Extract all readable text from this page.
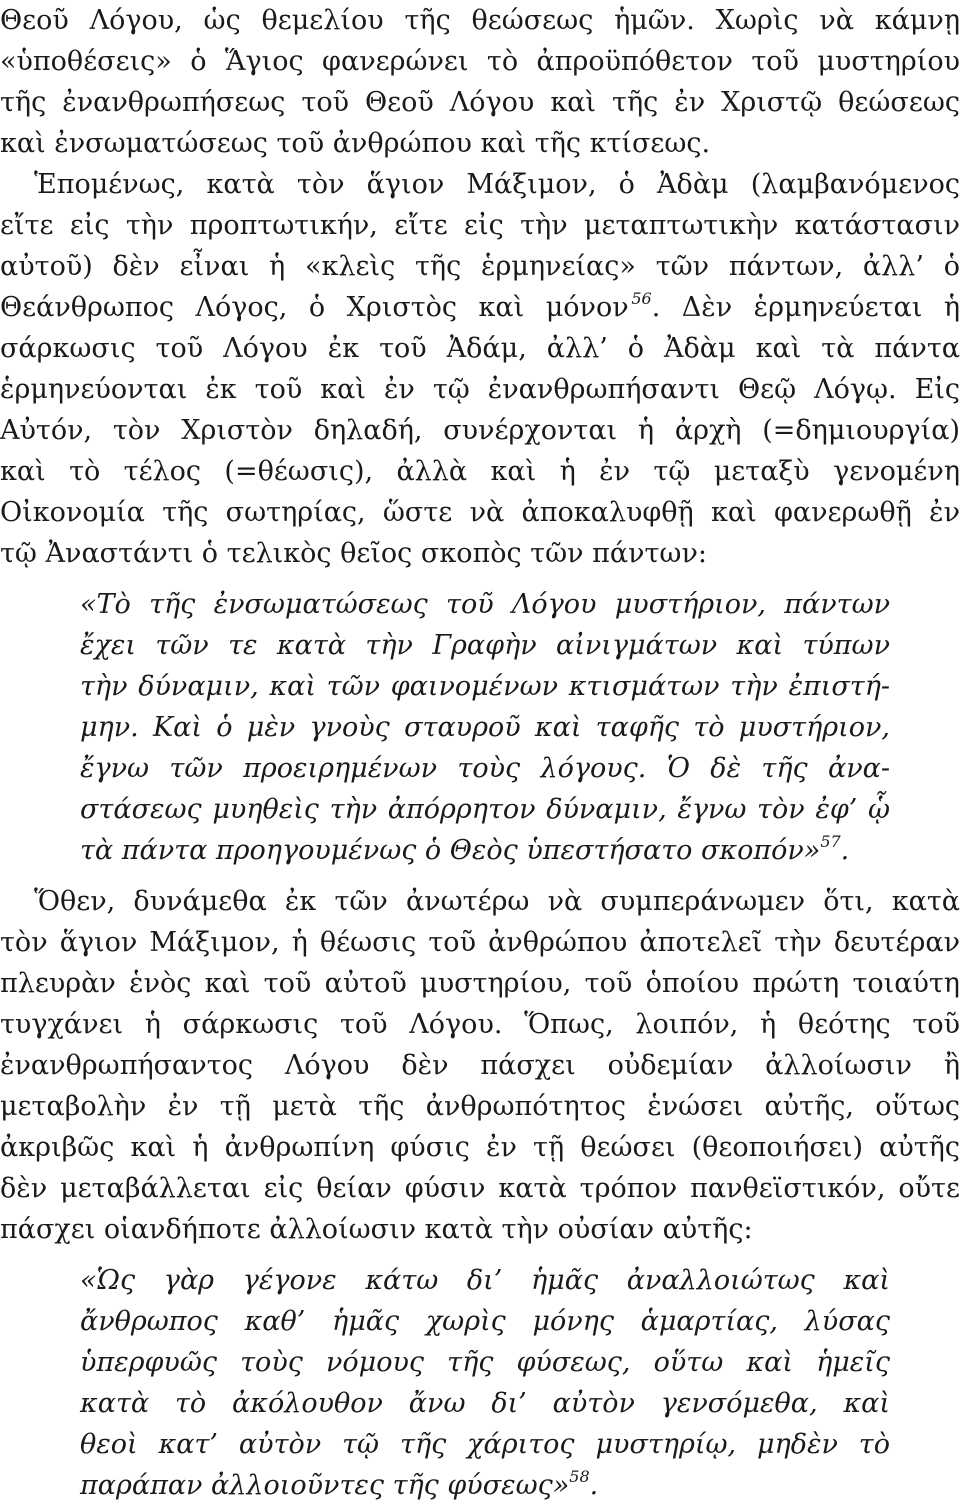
Θεοῦ Λόγου, ὡς θεμελίου τῆς θεώσεως ἡμῶν. Χωρὶς νὰ κάμνῃ
«ὑποθέσεις» ὁ Ἅγιος φανερώνει τὸ ἀπροϋπόθετον τοῦ μυστηρίου
τῆς ἐνανθρωπήσεως τοῦ Θεοῦ Λόγου καὶ τῆς ἐν Χριστῷ θεώσεως
καὶ ἐνσωματώσεως τοῦ ἀνθρώπου καὶ τῆς κτίσεως.
Ἑπομένως, κατὰ τὸν ἅγιον Μάξιμον, ὁ Ἀδὰμ (λαμβανόμενος
εἴτε εἰς τὴν προπτωτικήν, εἴτε εἰς τὴν μεταπτωτικὴν κατάστασιν
αὐτοῦ) δὲν εἶναι ἡ «κλεὶς τῆς ἑρμηνείας» τῶν πάντων, ἀλλ’ ὁ
Θεάνθρωπος Λόγος, ὁ Χριστὸς καὶ μόνον  $^{56}$. Δὲν ἑρμηνεύεται ἡ
σάρκωσις τοῦ Λόγου ἐκ τοῦ Ἀδάμ, ἀλλ’ ὁ Ἀδὰμ καὶ τὰ πάντα
ἑρμηνεύονται ἐκ τοῦ καὶ ἐν τῷ ἐνανθρωπήσαντι Θεῷ Λόγῳ. Εἰς
Αὐτόν, τὸν Χριστὸν δηλαδή, συνέρχονται ἡ ἀρχὴ (=δημιουργία)
καὶ τὸ τέλος (=θέωσις), ἀλλὰ καὶ ἡ ἐν τῷ μεταξὺ γενομένη
Οἰκονομία τῆς σωτηρίας, ὥστε νὰ ἀποκαλυφθῇ καὶ φανερωθῇ ἐν
τῷ Ἀναστάντι ὁ τελικὸς θεῖος σκοπὸς τῶν πάντων:
«Τὸ τῆς ἐνσωματώσεως τοῦ Λόγου μυστήριον, πάντων
ἔχει τῶν τε κατὰ τὴν Γραφὴν αἰνιγμάτων καὶ τύπων
τὴν δύναμιν, καὶ τῶν φαινομένων κτισμάτων τὴν ἐπιστή-
μην. Καὶ ὁ μὲν γνοὺς σταυροῦ καὶ ταφῆς τὸ μυστήριον,
ἔγνω τῶν προειρημένων τοὺς λόγους. Ὁ δὲ τῆς ἀνα-
στάσεως μυηθεὶς τὴν ἀπόρρητον δύναμιν, ἔγνω τὸν ἐφ’ ᾧ
τὰ πάντα προηγουμένως ὁ Θεὸς ὑπεστήσατο σκοπόν»$^{57}$.
Ὅθεν, δυνάμεθα ἐκ τῶν ἀνωτέρω νὰ συμπεράνωμεν ὅτι, κατὰ
τὸν ἅγιον Μάξιμον, ἡ θέωσις τοῦ ἀνθρώπου ἀποτελεῖ τὴν δευτέραν
πλευρὰν ἑνὸς καὶ τοῦ αὐτοῦ μυστηρίου, τοῦ ὁποίου πρώτη τοιαύτη
τυγχάνει ἡ σάρκωσις τοῦ Λόγου. Ὅπως, λοιπόν, ἡ θεότης τοῦ
ἐνανθρωπήσαντος Λόγου δὲν πάσχει οὐδεμίαν ἀλλοίωσιν ἢ
μεταβολὴν ἐν τῇ μετὰ τῆς ἀνθρωπότητος ἑνώσει αὐτῆς, οὕτως
ἀκριβῶς καὶ ἡ ἀνθρωπίνη φύσις ἐν τῇ θεώσει (θεοποιήσει) αὐτῆς
δὲν μεταβάλλεται εἰς θείαν φύσιν κατὰ τρόπον πανθεϊστικόν, οὔτε
πάσχει οἱανδήποτε ἀλλοίωσιν κατὰ τὴν οὐσίαν αὐτῆς:
«Ὡς γὰρ γέγονε κάτω δι’ ἡμᾶς ἀναλλοιώτως καὶ
ἄνθρωπος καθ’ ἡμᾶς χωρὶς μόνης ἁμαρτίας, λύσας
ὑπερφυῶς τοὺς νόμους τῆς φύσεως, οὕτω καὶ ἡμεῖς
κατὰ τὸ ἀκόλουθον ἄνω δι’ αὐτὸν γενσόμεθα, καὶ
θεοὶ κατ’ αὐτὸν τῷ τῆς χάριτος μυστηρίῳ, μηδὲν τὸ
παράπαν ἀλλοιοῦντες τῆς φύσεως»$^{58}$.
